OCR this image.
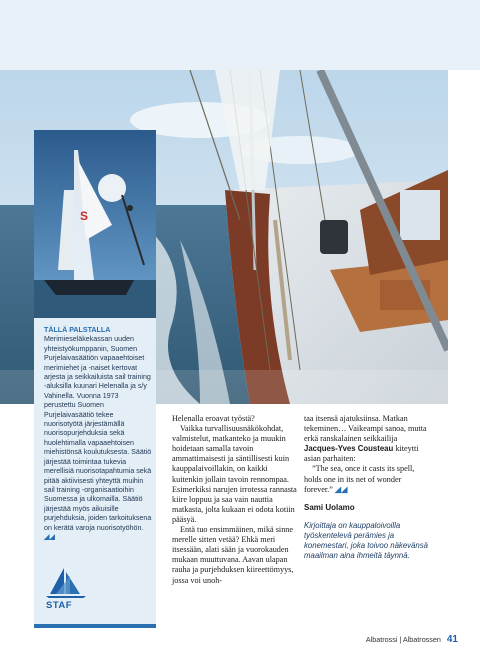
S
TÄLLÄ PALSTALLA Merimieseläkekassan uuden yhteistyökumppanin, Suomen Purjelaivasäätiön vapaaehtoiset merimiehet ja -naiset kertovat arjesta ja seikkailuista sail training -aluksilla kuunari Helenalla ja s/y Vahinella. Vuonna 1973 perustettu Suomen Purjelaivasäätiö tekee nuorisotyötä järjestämällä nuorisopurjehduksia sekä huolehtimalla vapaaehtoisen miehistönsä koulutuksesta. Säätiö järjestää toimintaa tukevia merellisiä nuorisotapahtumia sekä pitää aktiivisesti yhteyttä muihin sail training -organisaatioihin Suomessa ja ulkomailla. Säätiö järjestää myös aikuisille purjehduksia, joiden tarkoituksena on kerätä varoja nuorisotyöhön. ◢◢
STAF

Helenalla eroavat työstä?

Vaikka turvallisuusnäkökohdat, valmistelut, matkanteko ja muukin hoidetaan samalla tavoin ammattimaisesti ja säntillisesti kuin kauppalaivoillakin, on kaikki kuitenkin jollain tavoin rennompaa. Esimerkiksi narujen irrotessa rannasta kiire loppuu ja saa vain nauttia matkasta, jolta kukaan ei odota kotiin pääsyä.

Entä tuo ensimmäinen, mikä sinne merelle sitten vetää? Ehkä meri itsessään, alati sään ja vuorokauden mukaan muuttuvana. Aavan ulapan rauha ja purjehduksen kiireettömyys, jossa voi unoh-

taa itsensä ajatuksiinsa. Matkan tekeminen… Vaikeampi sanoa, mutta erkä ranskalainen seikkailija Jacques-Yves Cousteau kiteytti asian parhaiten:

”The sea, once it casts its spell, holds one in its net of wonder forever.” ◢◢

Sami Uolamo

Kirjoittaja on kauppaloivoilla työskentelevä perämies ja konemestari, joka toivoo näkevänsä maailman aina ihmeitä täynnä.

Albatrossi | Albatrossen 41
